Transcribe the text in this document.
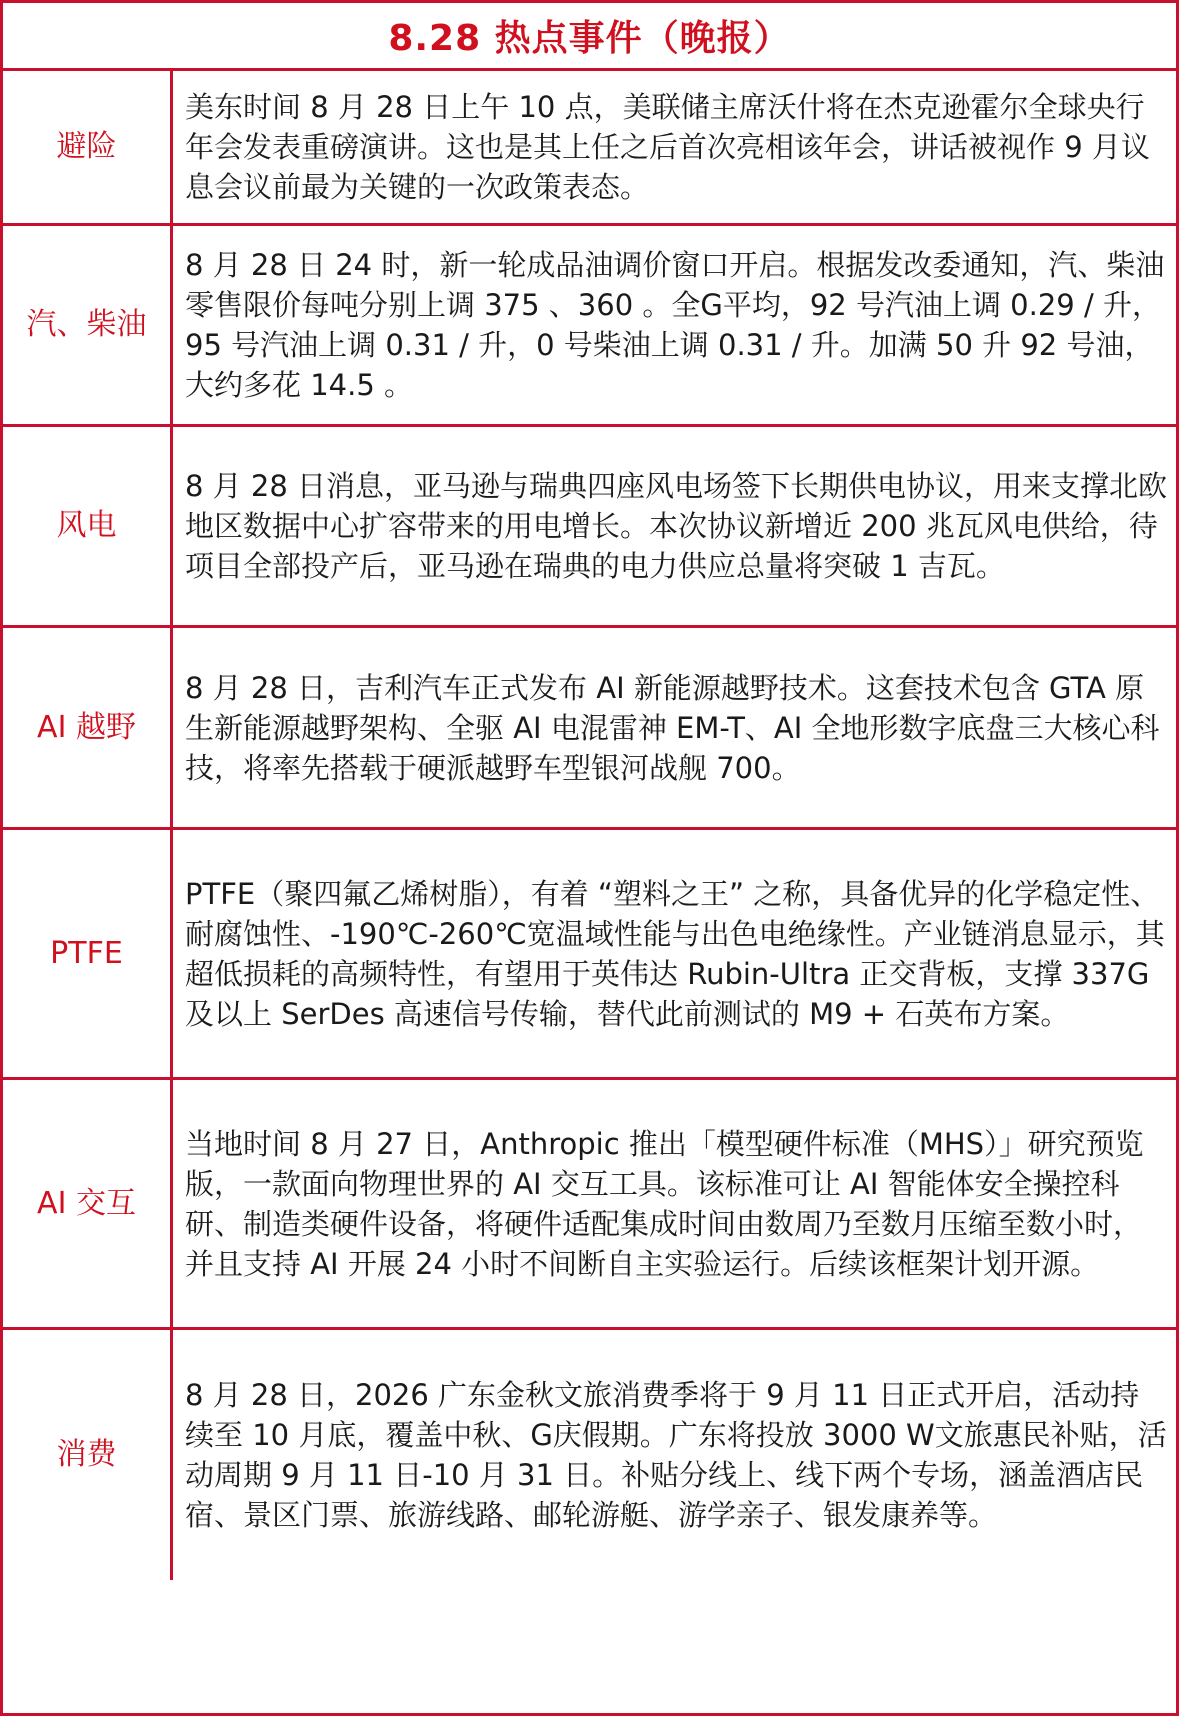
8.28 热点事件（晚报）
避险
美东时间 8 月 28 日上午 10 点，美联储主席沃什将在杰克逊霍尔全球央行年会发表重磅演讲。这也是其上任之后首次亮相该年会，讲话被视作 9 月议息会议前最为关键的一次政策表态。
汽、柴油
8 月 28 日 24 时，新一轮成品油调价窗口开启。根据发改委通知，汽、柴油零售限价每吨分别上调 375 、360 。全G平均，92 号汽油上调 0.29 / 升，95 号汽油上调 0.31 / 升，0 号柴油上调 0.31 / 升。加满 50 升 92 号油，大约多花 14.5 。
风电
8 月 28 日消息，亚马逊与瑞典四座风电场签下长期供电协议，用来支撑北欧地区数据中心扩容带来的用电增长。本次协议新增近 200 兆瓦风电供给，待项目全部投产后，亚马逊在瑞典的电力供应总量将突破 1 吉瓦。
AI 越野
8 月 28 日，吉利汽车正式发布 AI 新能源越野技术。这套技术包含 GTA 原生新能源越野架构、全驱 AI 电混雷神 EM-T、AI 全地形数字底盘三大核心科技，将率先搭载于硬派越野车型银河战舰 700。
PTFE
PTFE（聚四氟乙烯树脂），有着 “塑料之王” 之称，具备优异的化学稳定性、耐腐蚀性、-190℃-260℃宽温域性能与出色电绝缘性。产业链消息显示，其超低损耗的高频特性，有望用于英伟达 Rubin-Ultra 正交背板，支撑 337G 及以上 SerDes 高速信号传输，替代此前测试的 M9 + 石英布方案。
AI 交互
当地时间 8 月 27 日，Anthropic 推出「模型硬件标准（MHS）」研究预览版，一款面向物理世界的 AI 交互工具。该标准可让 AI 智能体安全操控科研、制造类硬件设备，将硬件适配集成时间由数周乃至数月压缩至数小时，并且支持 AI 开展 24 小时不间断自主实验运行。后续该框架计划开源。
消费
8 月 28 日，2026 广东金秋文旅消费季将于 9 月 11 日正式开启，活动持续至 10 月底，覆盖中秋、G庆假期。广东将投放 3000 W文旅惠民补贴，活动周期 9 月 11 日-10 月 31 日。补贴分线上、线下两个专场，涵盖酒店民宿、景区门票、旅游线路、邮轮游艇、游学亲子、银发康养等。
